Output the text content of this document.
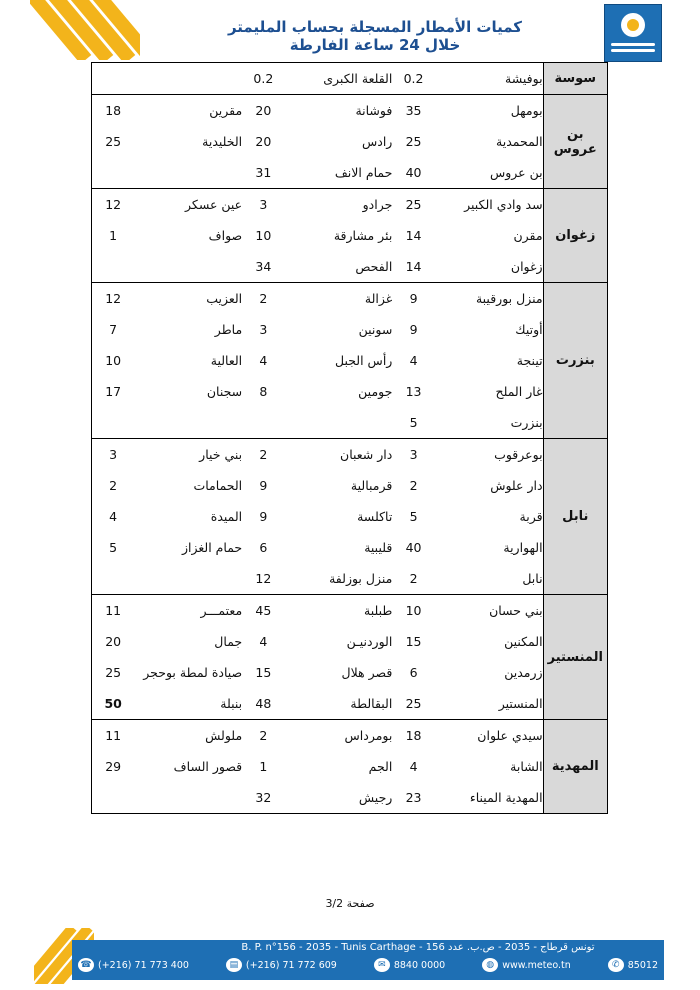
كميات الأمطار المسجلة بحساب المليمتر
خلال 24 ساعة الفارطة
سوسة	بوفيشة	0.2	القلعة الكبرى	0.2		
بن عروس	بومهل	35	فوشانة	20	مقرين	18
	المحمدية	25	رادس	20	الخليدية	25
	بن عروس	40	حمام الانف	31		
زغوان	سد وادي الكبير	25	جرادو	3	عين عسكر	12
	مقرن	14	بئر مشارقة	10	صواف	1
	زغوان	14	الفحص	34		
بنزرت	منزل بورقيبة	9	غزالة	2	العزيب	12
	أوتيك	9	سونين	3	ماطر	7
	تينجة	4	رأس الجبل	4	العالية	10
	غار الملح	13	جومين	8	سجنان	17
	بنزرت	5				
نابل	بوعرقوب	3	دار شعبان	2	بني خيار	3
	دار علوش	2	قرمبالية	9	الحمامات	2
	قربة	5	تاكلسة	9	الميدة	4
	الهوارية	40	قليبية	6	حمام الغزاز	5
	نابل	2	منزل بوزلفة	12		
المنستير	بني حسان	10	طبلبة	45	معتمـــر	11
	المكنين	15	الوردنيـن	4	جمال	20
	زرمدين	6	قصر هلال	15	صيادة لمطة بوحجر	25
	المنستير	25	البقالطة	48	بنبلة	50
المهدية	سيدي علوان	18	بومرداس	2	ملولش	11
	الشابة	4	الجم	1	قصور الساف	29
	المهدية الميناء	23	رجيش	32		
صفحة 3/2
B. P. n°156 - 2035 - Tunis Carthage - تونس قرطاج - 2035 - ص.ب. عدد 156
☎ (+216) 71 773 400	▤ (+216) 71 772 609	✉ 8840 0000	◍ www.meteo.tn	✆ 85012
